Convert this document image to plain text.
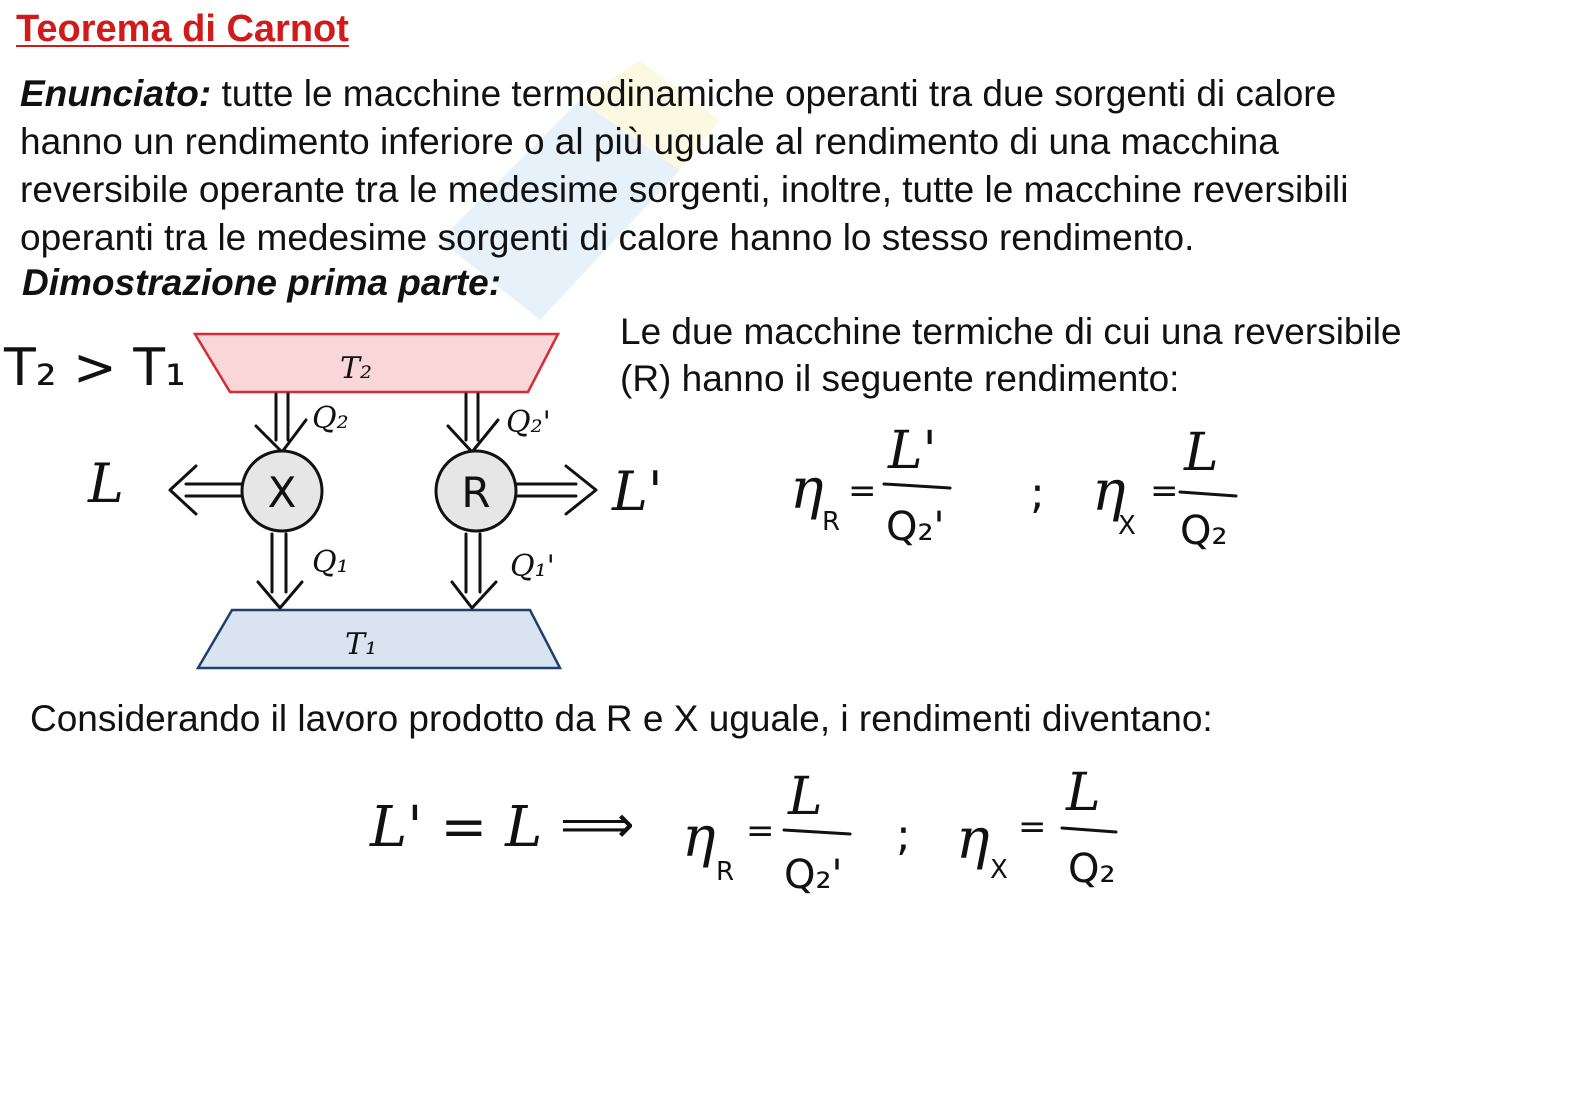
Teorema di Carnot

Enunciato: tutte le macchine termodinamiche operanti tra due sorgenti di calore
hanno un rendimento inferiore o al più uguale al rendimento di una macchina
reversibile operante tra le medesime sorgenti, inoltre, tutte le macchine reversibili
operanti tra le medesime sorgenti di calore hanno lo stesso rendimento.

Dimostrazione prima parte:
T₂ > T₁	T₂
T₁
Q₂	Q₂'
X	R
L	L'
Q₁	Q₁'

Le due macchine termiche di cui una reversibile
(R) hanno il seguente rendimento:

η
R
=
L'
Q₂'
; η
X
=
L
Q₂

Considerando il lavoro prodotto da R e X uguale, i rendimenti diventano:

L' = L ⟹ η
R
=
L
Q₂'
; η X
=
L
Q₂
